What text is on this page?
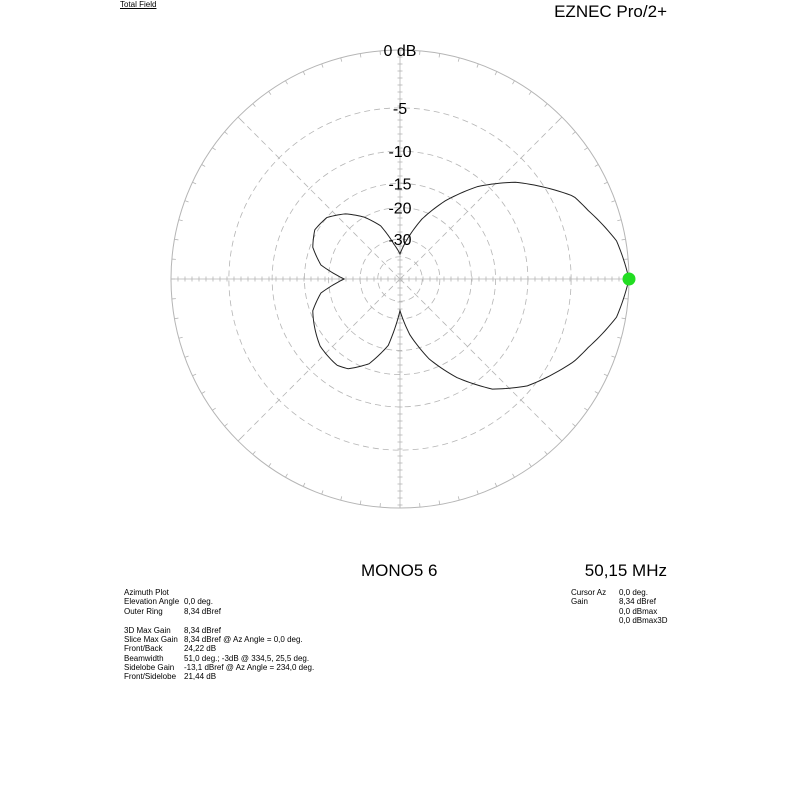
Total Field	EZNEC Pro/2+
0 dB
-5
-10
-15
-20
-30
MONO5 6	50,15 MHz
Azimuth Plot
Elevation Angle 0,0 deg.
Outer Ring	8,34 dBref
3D Max Gain	8,34 dBref
Slice Max Gain 8,34 dBref @ Az Angle = 0,0 deg.
Front/Back	24,22 dB
Beamwidth	51,0 deg.; -3dB @ 334,5, 25,5 deg.
Sidelobe Gain	-13,1 dBref @ Az Angle = 234,0 deg.
Front/Sidelobe 21,44 dB
Cursor Az	0,0 deg.
Gain	8,34 dBref
0,0 dBmax
0,0 dBmax3D
